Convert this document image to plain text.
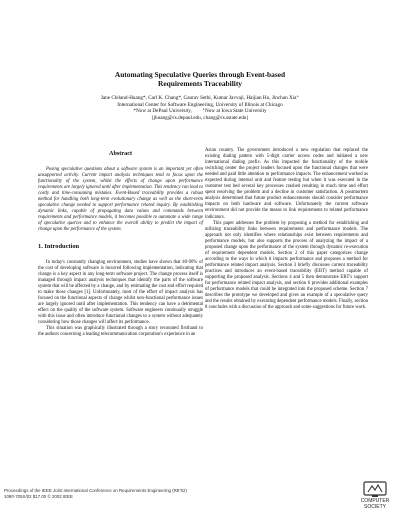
Automating Speculative Queries through Event-based
Requirements Traceability
Jane Cleland-Huang*, Carl K. Chang*, Gaurav Sethi, Kumar Javvaji, Haijian Hu, Jinchan Xia⁺
International Center for Software Engineering, University of Illinois at Chicago
*Now at DePaul University,        ⁺Now at Iowa State University
{jhuang@cs.depaul.edu, chang@cs.sstate.edu}
Abstract

Posing speculative questions about a software system is an important yet often unsupported activity. Current impact analysis techniques tend to focus upon the functionality of the system, whilst the effects of change upon performance requirements are largely ignored until after implementation. This tendency can lead to costly and time-consuming mistakes. Event-Based traceability provides a robust method for handling both long-term evolutionary change as well as the short-term speculative change needed to support performance related inquiry. By establishing dynamic links, capable of propagating data values and commands between requirements and performance models, it becomes possible to automate a wide range of speculative queries and to enhance the overall ability to predict the impact of change upon the performance of the system.

1. Introduction

In today's constantly changing environment, studies have shown that 40-90% of the cost of developing software is incurred following implementation, indicating that change is a key aspect in any long-term software project. The change process itself is managed through impact analysis techniques that identify the parts of the software system that will be affected by a change, and by estimating the cost and effort required to make those changes [1]. Unfortunately, most of the effort of impact analysis has focused on the functional aspects of change whilst non-functional performance issues are largely ignored until after implementation. This tendency can have a detrimental effect on the quality of the software system. Software engineers continually struggle with this issue and often introduce functional changes to a system without adequately considering how those changes will affect its performance.

This situation was graphically illustrated through a story recounted firsthand to the authors concerning a leading telecommunication corporation's experience in an

Asian country. The government introduced a new regulation that replaced the existing dialing pattern with 5-digit carrier access codes and initiated a new international dialing prefix. As this impacted the functionality of the mobile switching center the project leaders focused upon the functional changes that were needed and paid little attention to performance impacts. The enhancement worked as expected during internal unit and feature testing but when it was executed in the customer test bed several key processes crashed resulting in much time and effort spent resolving the problem and a decline in customer satisfaction. A postmortem analysis determined that future product enhancements should consider performance impacts on both hardware and software. Unfortunately the current software environment did not provide the means to link requirements to related performance indicators.

This paper addresses the problem by proposing a method for establishing and utilizing traceability links between requirements and performance models. The approach not only identifies where relationships exist between requirements and performance models, but also supports the process of analyzing the impact of a proposed change upon the performance of the system through dynamic re-execution of requirement dependent models. Section 2 of this paper categorizes change according to the ways in which it impacts performance and proposes a method for performance related impact analysis. Section 3 briefly discusses current traceability practices and introduces an event-based traceability (EBT) method capable of supporting the proposed analysis. Sections 4 and 5 then demonstrate EBT's support for performance related impact analysis, and section 6 provides additional examples of performance models that could be integrated into the proposed scheme. Section 7 describes the prototype we developed and gives an example of a speculative query and the results obtained by executing dependent performance models. Finally, section 8 concludes with a discussion of the approach and some suggestions for future work.

Proceedings of the IEEE Joint International Conference on Requirements Engineering (RE'02)
1090-705X/02 $17.00 © 2002 IEEE
COMPUTER
SOCIETY
